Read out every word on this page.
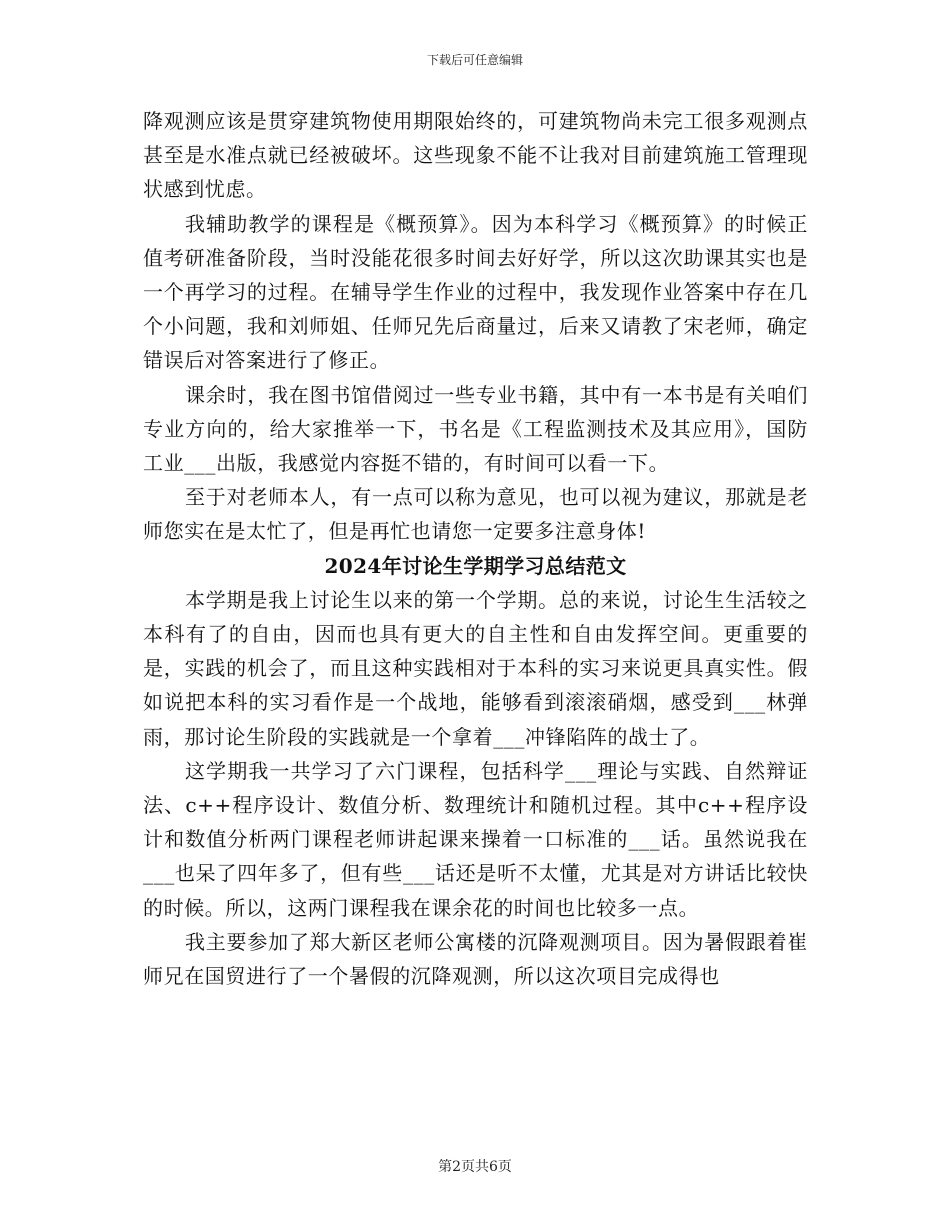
下载后可任意编辑

降观测应该是贯穿建筑物使用期限始终的，可建筑物尚未完工很多观测点甚至是水准点就已经被破坏。这些现象不能不让我对目前建筑施工管理现状感到忧虑。

我辅助教学的课程是《概预算》。因为本科学习《概预算》的时候正值考研准备阶段，当时没能花很多时间去好好学，所以这次助课其实也是一个再学习的过程。在辅导学生作业的过程中，我发现作业答案中存在几个小问题，我和刘师姐、任师兄先后商量过，后来又请教了宋老师，确定错误后对答案进行了修正。

课余时，我在图书馆借阅过一些专业书籍，其中有一本书是有关咱们专业方向的，给大家推举一下，书名是《工程监测技术及其应用》，国防工业___出版，我感觉内容挺不错的，有时间可以看一下。

至于对老师本人，有一点可以称为意见，也可以视为建议，那就是老师您实在是太忙了，但是再忙也请您一定要多注意身体!

2024年讨论生学期学习总结范文

本学期是我上讨论生以来的第一个学期。总的来说，讨论生生活较之本科有了的自由，因而也具有更大的自主性和自由发挥空间。更重要的是，实践的机会了，而且这种实践相对于本科的实习来说更具真实性。假如说把本科的实习看作是一个战地，能够看到滚滚硝烟，感受到___林弹雨，那讨论生阶段的实践就是一个拿着___冲锋陷阵的战士了。

这学期我一共学习了六门课程，包括科学___理论与实践、自然辩证法、c++程序设计、数值分析、数理统计和随机过程。其中c++程序设计和数值分析两门课程老师讲起课来操着一口标准的___话。虽然说我在___也呆了四年多了，但有些___话还是听不太懂，尤其是对方讲话比较快的时候。所以，这两门课程我在课余花的时间也比较多一点。

我主要参加了郑大新区老师公寓楼的沉降观测项目。因为暑假跟着崔师兄在国贸进行了一个暑假的沉降观测，所以这次项目完成得也

第2页共6页
